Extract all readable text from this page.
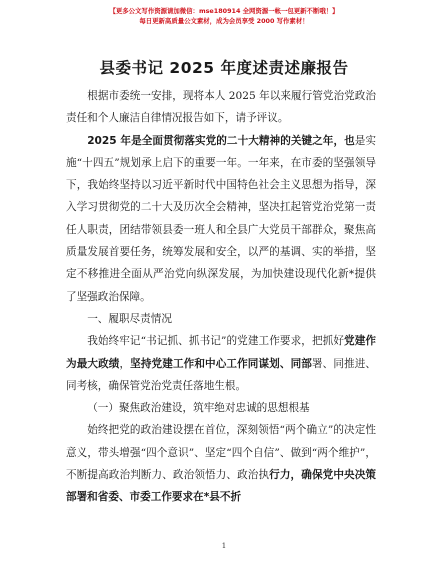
【更多公文写作资源请加微信：mse180914 全网资源一帐一包更新不断哦！】
每日更新高质量公文素材，成为会员享受 2000 写作素材！
县委书记 2025 年度述责述廉报告

根据市委统一安排，现将本人 2025 年以来履行管党治党政治责任和个人廉洁自律情况报告如下，请予评议。

2025 年是全面贯彻落实党的二十大精神的关键之年，也是实施“十四五”规划承上启下的重要一年。一年来，在市委的坚强领导下，我始终坚持以习近平新时代中国特色社会主义思想为指导，深入学习贯彻党的二十大及历次全会精神，坚决扛起管党治党第一责任人职责，团结带领县委一班人和全县广大党员干部群众，聚焦高质量发展首要任务，统筹发展和安全，以严的基调、实的举措，坚定不移推进全面从严治党向纵深发展，为加快建设现代化新*提供了坚强政治保障。

一、履职尽责情况

我始终牢记“书记抓、抓书记”的党建工作要求，把抓好党建作为最大政绩，坚持党建工作和中心工作同谋划、同部署、同推进、同考核，确保管党治党责任落地生根。

（一）聚焦政治建设，筑牢绝对忠诚的思想根基

始终把党的政治建设摆在首位，深刻领悟“两个确立”的决定性意义，带头增强“四个意识”、坚定“四个自信”、做到“两个维护”，不断提高政治判断力、政治领悟力、政治执行力，确保党中央决策部署和省委、市委工作要求在*县不折

1
